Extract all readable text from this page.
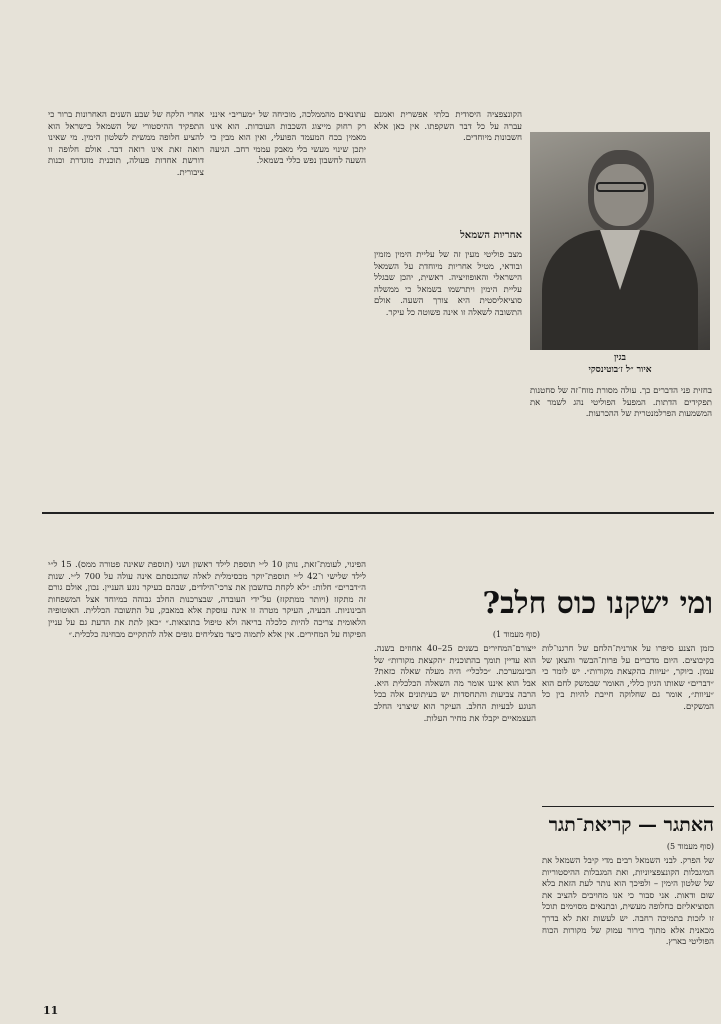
בגין
איור ״ל ז׳בוטינסקי

בחזית פני הדברים כך. עולה מסורת מוח־זה של סחטנות תפקידים הדתות. המפעל הפוליטי נהג לשמר את המשמעות הפרלמנטרית של ההכרעות.

הקונצפציה היסודית בלתי אפשרית ואמנם עברה על כל דבר השקפתו. אין כאן אלא חשבונות מיוחדים.

אחריות השמאל

מצב פוליטי מעין זה של עליית הימין מזמין ובודאי, מטיל אחריות מיוחדת על השמאל הישראלי והאופוזיציה. ראשית, יהכן שבגלל עליית הימין ויתרשמו בשמאל כי ממשלה סוציאליסטית היא צורך השעה. אולם התשובה לשאלה זו אינה פשוטה כל עיקר.

עתונאים מהממלכה, מוכיחה של ״מעריב״ אינני רק רחוק מייצוג השכבות העובדות. הוא אינו מאמין בכח המעמד הפועלי, ואין הוא מבין כי יתכן שינוי מעשי בלי מאבק עממי רחב. הגיעה השעה לחשבון נפש כללי בשמאל.

אחרי הלקח של שבע השנים האחרונות ברור כי התפקיד ההיסטורי של השמאל בישראל הוא להציע חלופה ממשית לשלטון הימין. מי שאינו רואה זאת אינו רואה דבר. אולם חלופה זו דורשת אחדות פעולה, תוכנית מוגדרת וכנות ציבורית.

ומי ישקנו כוס חלב?
(סוף מעמוד 1)

כזמן הצנע סיפרו על אורנית־הלחם של חרגנו־לות בקיבוצים. היום מדברים על פרות־הבשר והצאן של עמון. ביוקר, ״עיוות בהקצאת מקורות״. יש לומר כי ״דברים״ שאותו הגיון כללי, האומר שבמשק לחם הוא ״עיוות״, אומר גם שחלוקה חייבת להיות בין כל המשקים.

ייצורם־המחירים בשנים 25–40 אחוזים בשנה. הוא עדיין תומך בהתוכנית ״הקצאת מקורות״ של הבינמערכת. ״כלכלי״ היה מעלה שאלה כזאת? אבל הוא איננו אומר מה השאלה הכלכלית היא. הרבה צביעות והתחסדות יש בעיתונים אלה בכל הנוגע לבעיות החלב. העיקר הוא שיצרני החלב העצמאיים יקבלו את מחיר העלות.

הפינוי, לעומת־זאת, נותן 10 ל״י תוספת לילד ראשון ושני (תוספת שאינה פטורה ממס). 15 ל״י לילד שלישי ו־42 ל״י תוספת־יוקר מכסימלית לאלה שהכנסתם אינה עולה על 700 ל״י. שנות ה״דברים״ חלות: ״לא לקחת בחשבון את צרכי־הילדים, שבהם בעיקר נוגע העניין. נכון, אולם גורם זה מתקזז (ויותר ממתקזז) על־ידי העובדה, שבצרכנות החלב גבוהה במיוחד אצל המשפחות הבינוניות. הבעיה, העיקר מטרה זו אינה עוסקת אלא במאבק, על התשובה הכללית. האוטופיה הלאומית צריכה להיות כלכלה בריאה ולא טיפול בתוצאות.״ ״כאן לתת את הדעת גם על עניין הפיקוח על המחירים. אין אלא לתמוה כיצד מצליחים גופים אלה להתקיים מבחינה כלכלית.״

האתגר — קריאת־תגר
(סוף מעמוד 5)

של הפרק. לבני השמאל רבים מדי קיבל השמאל את המיגבלות הקונצפציוניות, ואת המגבלות ההיסטוריות של שלטון הימין – ולפיכך הוא נותר לעת הזאת בלא שום ודאות. אני סבור כי אנו מחויבים להציב את הסוציאליזם כחלופה מעשית, ובתנאים מסוימים תוכל זו לזכות בתמיכה רחבה. יש לעשות זאת לא בדרך מכאנית אלא מתוך בירור עמוק של מקורות הכוח הפוליטי בארץ.

11
